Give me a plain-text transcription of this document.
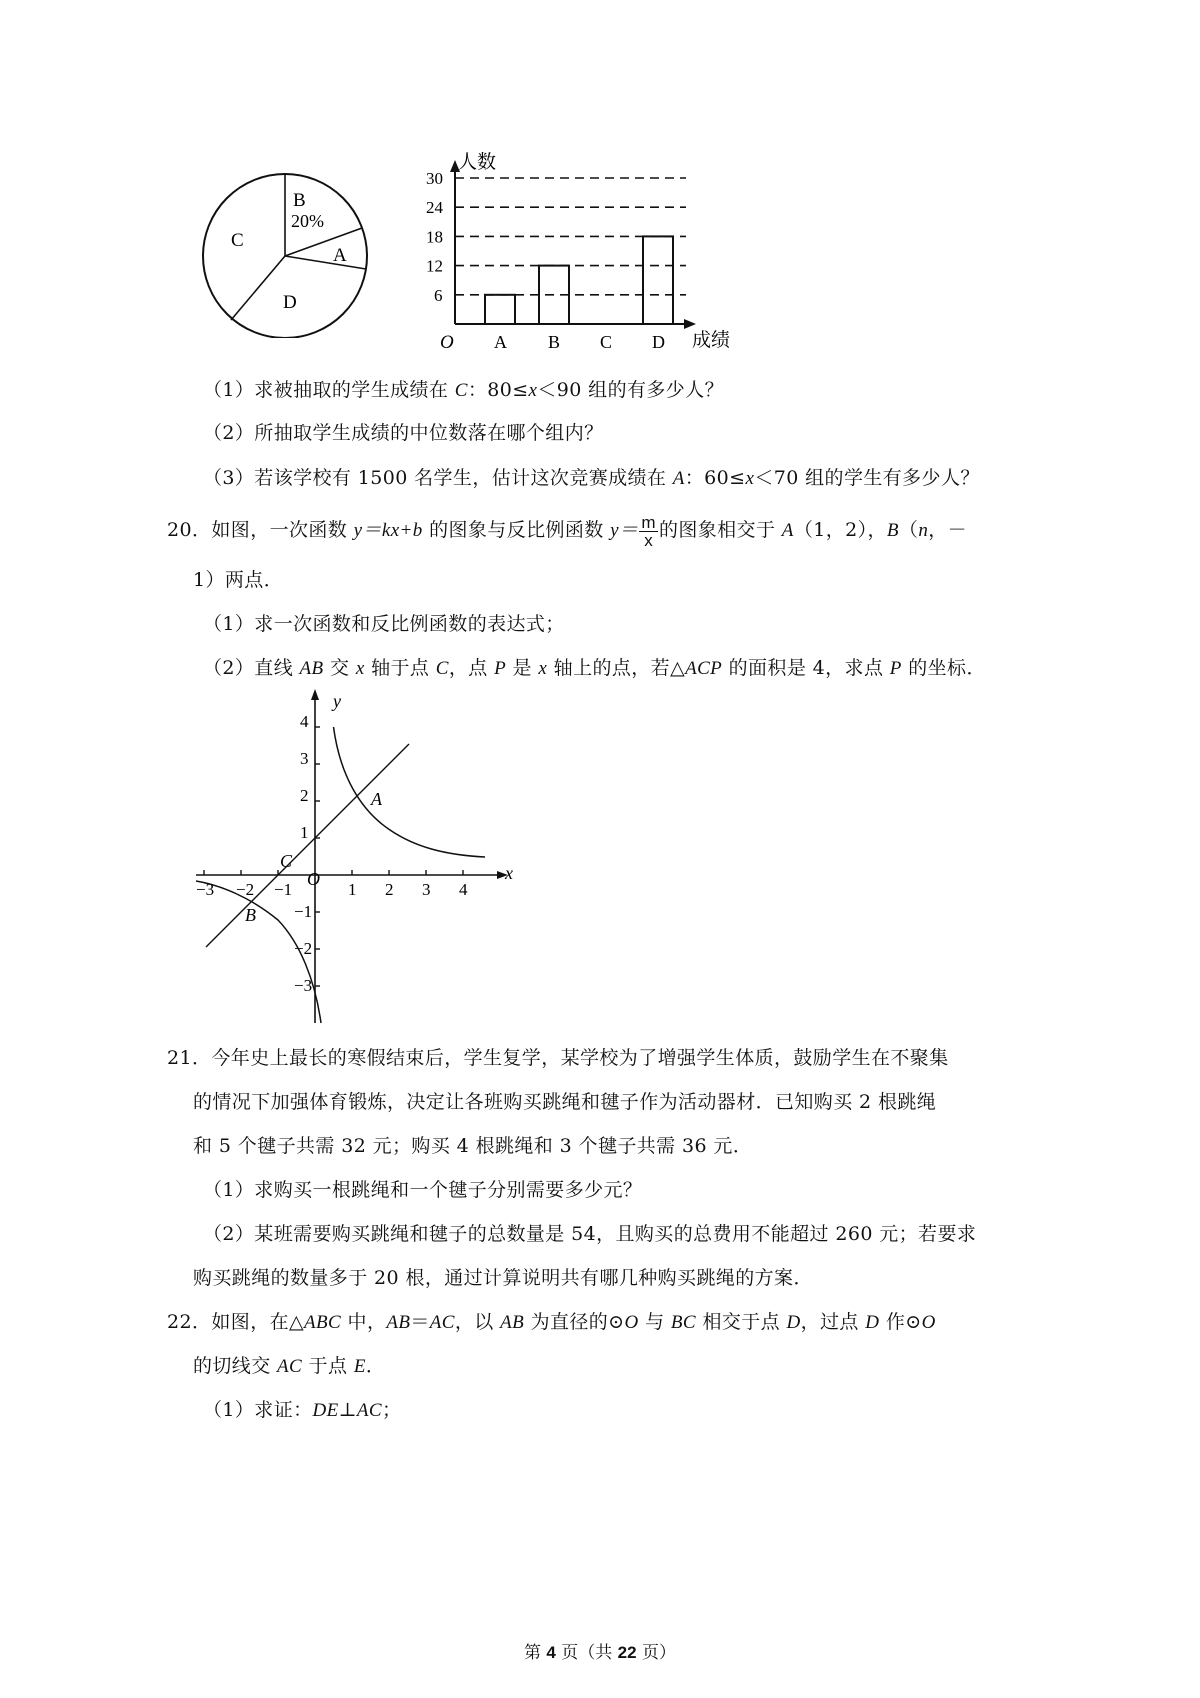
B
20%
A
C
D
人数
成绩
O
6
12
18
24
30
A B C D
（1）求被抽取的学生成绩在 C：80≤x＜90 组的有多少人？
（2）所抽取学生成绩的中位数落在哪个组内？
（3）若该学校有 1500 名学生，估计这次竞赛成绩在 A：60≤x＜70 组的学生有多少人？
20．如图，一次函数 y＝kx+b 的图象与反比例函数 $y= \frac{m}{x}$ 的图象相交于 A（1，2），B（n，－
1）两点．
（1）求一次函数和反比例函数的表达式；
（2）直线 AB 交 x 轴于点 C，点 P 是 x 轴上的点，若△ACP 的面积是 4，求点 P 的坐标．
x
y
O
−3 −2 −1	1 2 3 4
4
3
2
1
−1
−2
−3
A
B
C
21．今年史上最长的寒假结束后，学生复学，某学校为了增强学生体质，鼓励学生在不聚集
的情况下加强体育锻炼，决定让各班购买跳绳和毽子作为活动器材．已知购买 2 根跳绳
和 5 个毽子共需 32 元；购买 4 根跳绳和 3 个毽子共需 36 元．
（1）求购买一根跳绳和一个毽子分别需要多少元？
（2）某班需要购买跳绳和毽子的总数量是 54，且购买的总费用不能超过 260 元；若要求
购买跳绳的数量多于 20 根，通过计算说明共有哪几种购买跳绳的方案．
22．如图，在△ABC 中，AB＝AC，以 AB 为直径的⊙O 与 BC 相交于点 D，过点 D 作⊙O
的切线交 AC 于点 E．
（1）求证：DE⊥AC；
第 4 页（共 22 页）
